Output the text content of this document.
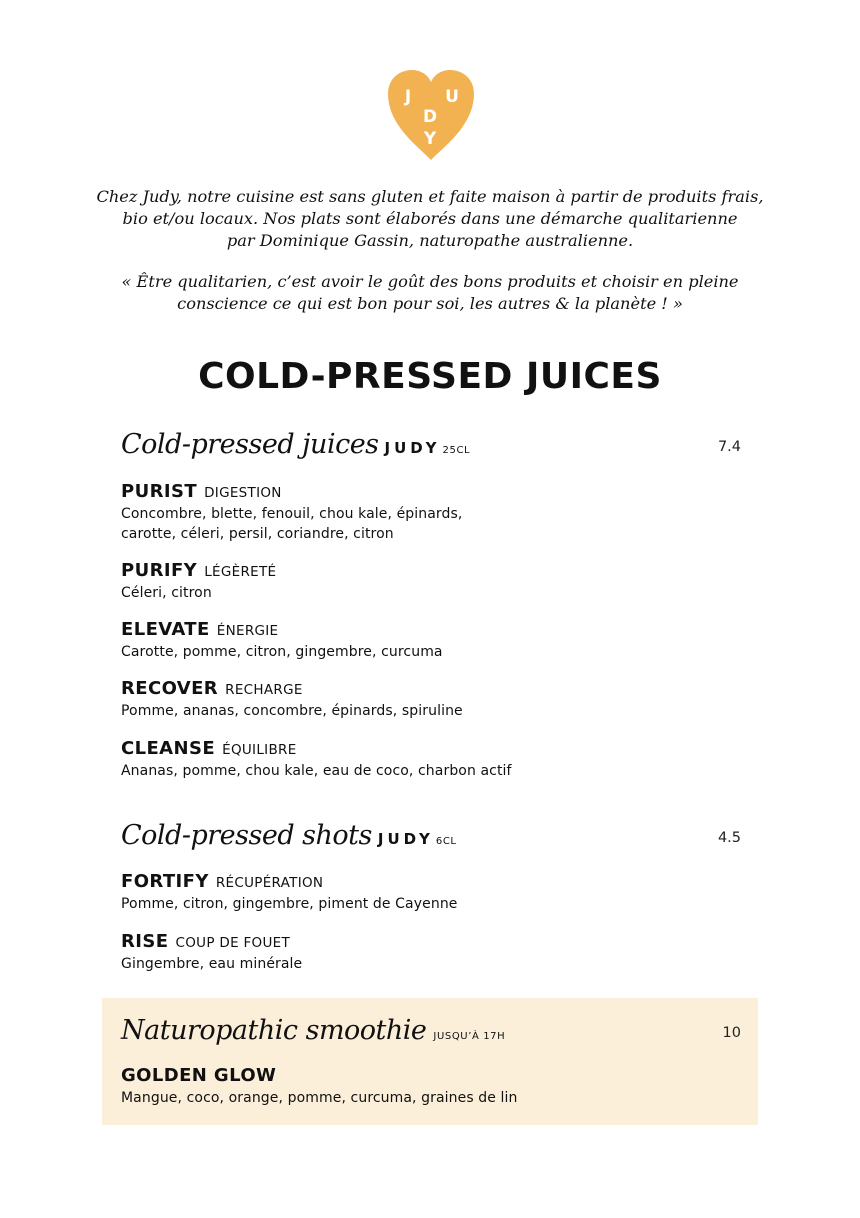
J U
D
Y

Chez Judy, notre cuisine est sans gluten et faite maison à partir de produits frais,

bio et/ou locaux. Nos plats sont élaborés dans une démarche qualitarienne

par Dominique Gassin, naturopathe australienne.

« Être qualitarien, c’est avoir le goût des bons produits et choisir en pleine

conscience ce qui est bon pour soi, les autres & la planète ! »

COLD-PRESSED JUICES
Cold-pressed juices JUDY 25CL	7.4
PURIST DIGESTION
Concombre, blette, fenouil, chou kale, épinards,
carotte, céleri, persil, coriandre, citron
PURIFY LÉGÈRETÉ
Céleri, citron
ELEVATE ÉNERGIE
Carotte, pomme, citron, gingembre, curcuma
RECOVER RECHARGE
Pomme, ananas, concombre, épinards, spiruline
CLEANSE ÉQUILIBRE
Ananas, pomme, chou kale, eau de coco, charbon actif
Cold-pressed shots JUDY 6CL	4.5
FORTIFY RÉCUPÉRATION
Pomme, citron, gingembre, piment de Cayenne
RISE COUP DE FOUET
Gingembre, eau minérale
Naturopathic smoothie JUSQU’À 17H	10
GOLDEN GLOW
Mangue, coco, orange, pomme, curcuma, graines de lin
